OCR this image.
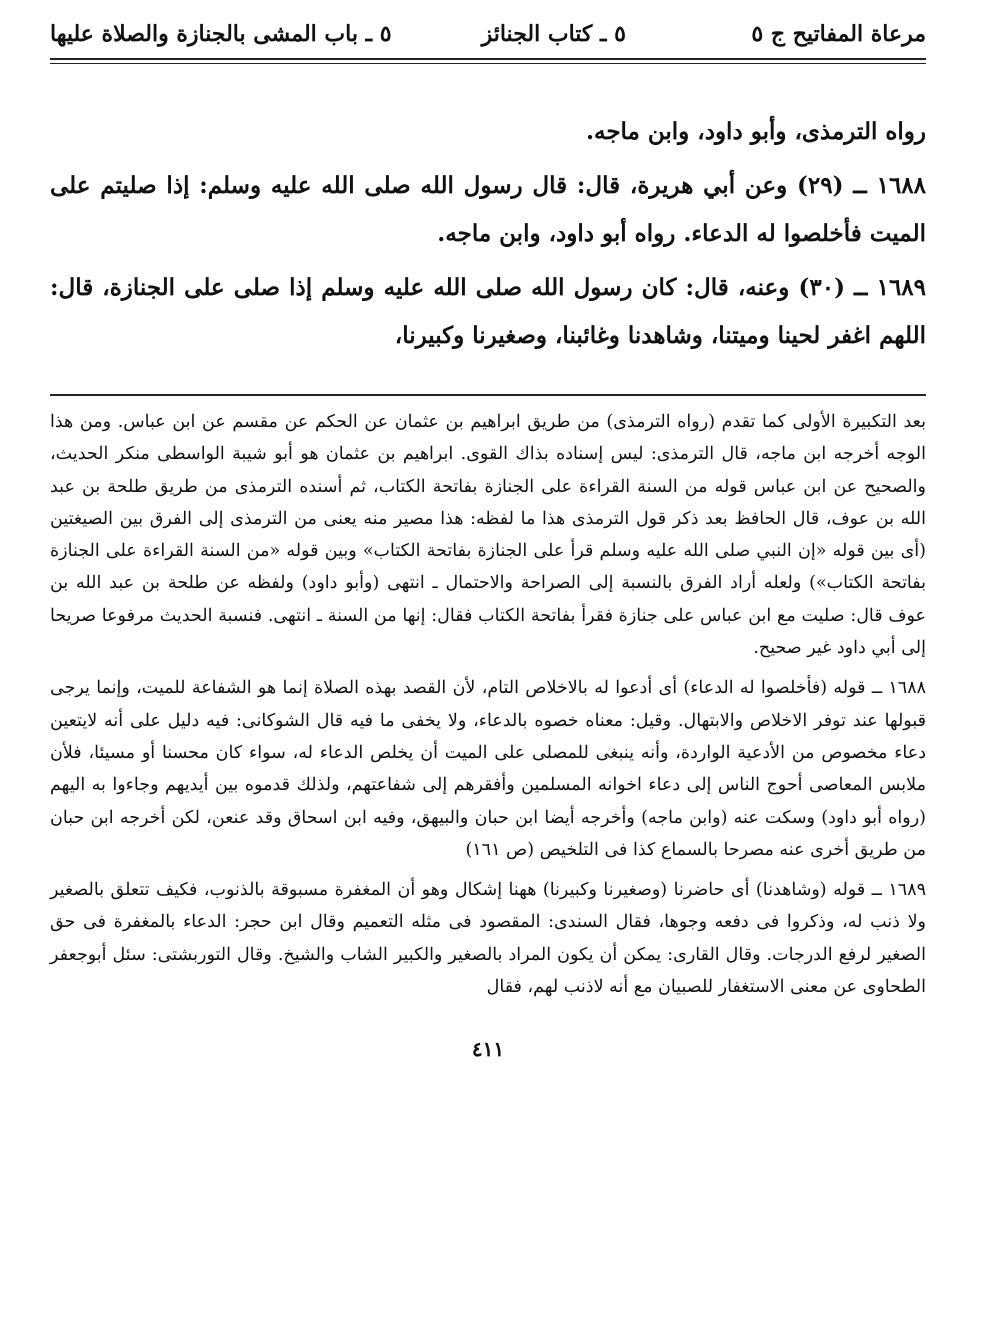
مرعاة المفاتيح ج ٥
٥ ـ كتاب الجنائز
٥ ـ باب المشى بالجنازة والصلاة عليها

رواه الترمذى، وأبو داود، وابن ماجه.

١٦٨٨ ــ (٢٩) وعن أبي هريرة، قال: قال رسول الله صلى الله عليه وسلم: إذا صليتم على الميت فأخلصوا له الدعاء. رواه أبو داود، وابن ماجه.

١٦٨٩ ــ (٣٠) وعنه، قال: كان رسول الله صلى الله عليه وسلم إذا صلى على الجنازة، قال: اللهم اغفر لحينا وميتنا، وشاهدنا وغائبنا، وصغيرنا وكبيرنا،

بعد التكبيرة الأولى كما تقدم (رواه الترمذى) من طريق ابراهيم بن عثمان عن الحكم عن مقسم عن ابن عباس. ومن هذا الوجه أخرجه ابن ماجه، قال الترمذى: ليس إسناده بذاك القوى. ابراهيم بن عثمان هو أبو شيبة الواسطى منكر الحديث، والصحيح عن ابن عباس قوله من السنة القراءة على الجنازة بفاتحة الكتاب، ثم أسنده الترمذى من طريق طلحة بن عبد الله بن عوف، قال الحافظ بعد ذكر قول الترمذى هذا ما لفظه: هذا مصير منه يعنى من الترمذى إلى الفرق بين الصيغتين (أى بين قوله «إن النبي صلى الله عليه وسلم قرأ على الجنازة بفاتحة الكتاب» وبين قوله «من السنة القراءة على الجنازة بفاتحة الكتاب») ولعله أراد الفرق بالنسبة إلى الصراحة والاحتمال ـ انتهى (وأبو داود) ولفظه عن طلحة بن عبد الله بن عوف قال: صليت مع ابن عباس على جنازة فقرأ بفاتحة الكتاب فقال: إنها من السنة ـ انتهى. فنسبة الحديث مرفوعا صريحا إلى أبي داود غير صحيح.

١٦٨٨ ــ قوله (فأخلصوا له الدعاء) أى أدعوا له بالاخلاص التام، لأن القصد بهذه الصلاة إنما هو الشفاعة للميت، وإنما يرجى قبولها عند توفر الاخلاص والابتهال. وقيل: معناه خصوه بالدعاء، ولا يخفى ما فيه قال الشوكانى: فيه دليل على أنه لايتعين دعاء مخصوص من الأدعية الواردة، وأنه ينبغى للمصلى على الميت أن يخلص الدعاء له، سواء كان محسنا أو مسيئا، فلأن ملابس المعاصى أحوج الناس إلى دعاء اخوانه المسلمين وأفقرهم إلى شفاعتهم، ولذلك قدموه بين أيديهم وجاءوا به اليهم (رواه أبو داود) وسكت عنه (وابن ماجه) وأخرجه أيضا ابن حبان والبيهق، وفيه ابن اسحاق وقد عنعن، لكن أخرجه ابن حبان من طريق أخرى عنه مصرحا بالسماع كذا فى التلخيص (ص ١٦١)

١٦٨٩ ــ قوله (وشاهدنا) أى حاضرنا (وصغيرنا وكبيرنا) ههنا إشكال وهو أن المغفرة مسبوقة بالذنوب، فكيف تتعلق بالصغير ولا ذنب له، وذكروا فى دفعه وجوها، فقال السندى: المقصود فى مثله التعميم وقال ابن حجر: الدعاء بالمغفرة فى حق الصغير لرفع الدرجات. وقال القارى: يمكن أن يكون المراد بالصغير والكبير الشاب والشيخ. وقال التوربشتى: سئل أبوجعفر الطحاوى عن معنى الاستغفار للصبيان مع أنه لاذنب لهم، فقال

٤١١
